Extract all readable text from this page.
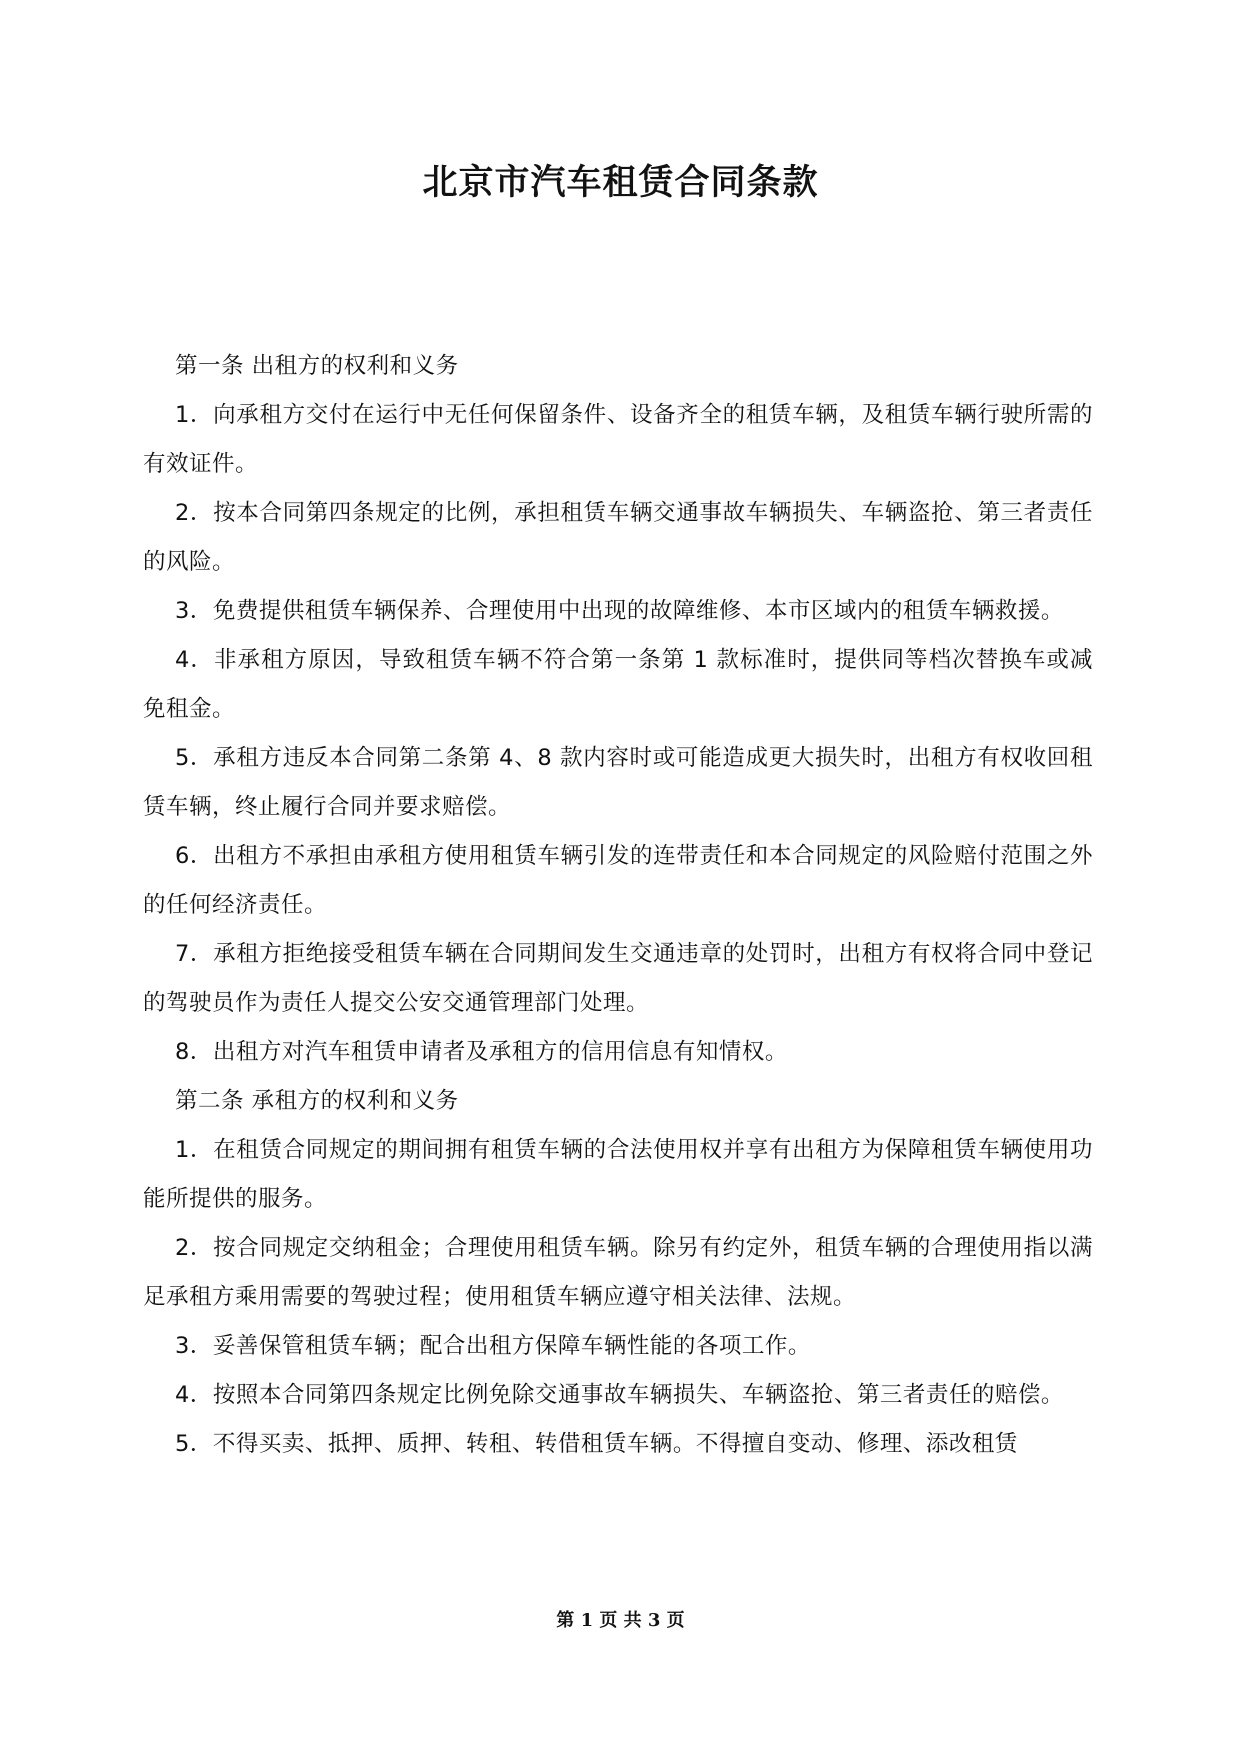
北京市汽车租赁合同条款

第一条 出租方的权利和义务

1．向承租方交付在运行中无任何保留条件、设备齐全的租赁车辆，及租赁车辆行驶所需的有效证件。

2．按本合同第四条规定的比例，承担租赁车辆交通事故车辆损失、车辆盗抢、第三者责任的风险。

3．免费提供租赁车辆保养、合理使用中出现的故障维修、本市区域内的租赁车辆救援。

4．非承租方原因，导致租赁车辆不符合第一条第 1 款标准时，提供同等档次替换车或减免租金。

5．承租方违反本合同第二条第 4、8 款内容时或可能造成更大损失时，出租方有权收回租赁车辆，终止履行合同并要求赔偿。

6．出租方不承担由承租方使用租赁车辆引发的连带责任和本合同规定的风险赔付范围之外的任何经济责任。

7．承租方拒绝接受租赁车辆在合同期间发生交通违章的处罚时，出租方有权将合同中登记的驾驶员作为责任人提交公安交通管理部门处理。

8．出租方对汽车租赁申请者及承租方的信用信息有知情权。

第二条 承租方的权利和义务

1．在租赁合同规定的期间拥有租赁车辆的合法使用权并享有出租方为保障租赁车辆使用功能所提供的服务。

2．按合同规定交纳租金；合理使用租赁车辆。除另有约定外，租赁车辆的合理使用指以满足承租方乘用需要的驾驶过程；使用租赁车辆应遵守相关法律、法规。

3．妥善保管租赁车辆；配合出租方保障车辆性能的各项工作。

4．按照本合同第四条规定比例免除交通事故车辆损失、车辆盗抢、第三者责任的赔偿。

5．不得买卖、抵押、质押、转租、转借租赁车辆。不得擅自变动、修理、添改租赁

第 1 页 共 3 页
